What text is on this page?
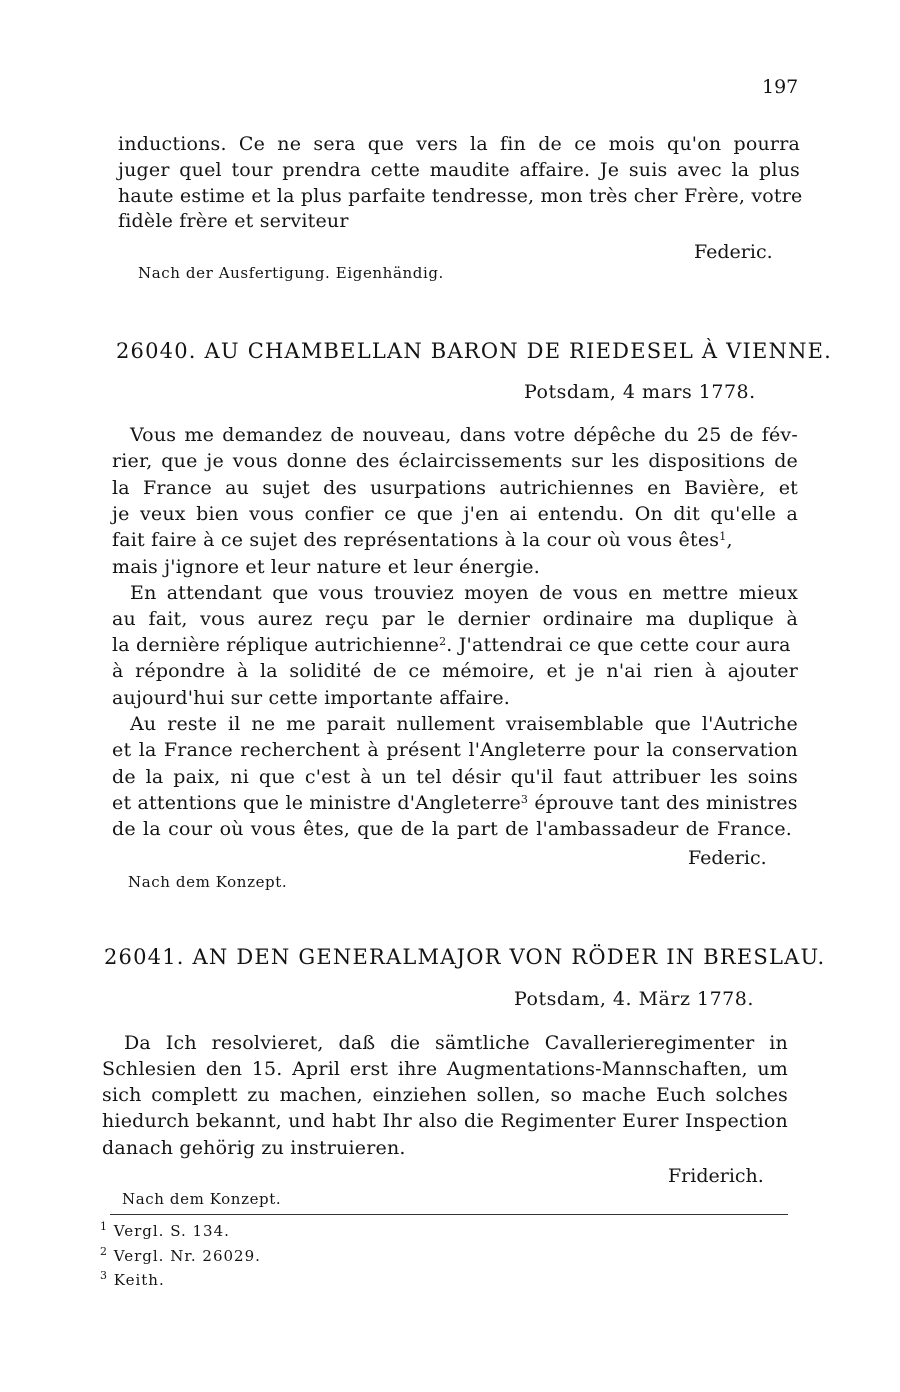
197
inductions. Ce ne sera que vers la fin de ce mois qu'on pourra
juger quel tour prendra cette maudite affaire. Je suis avec la plus
haute estime et la plus parfaite tendresse, mon très cher Frère, votre
fidèle frère et serviteur
Federic.
Nach der Ausfertigung. Eigenhändig.
26040. AU CHAMBELLAN BARON DE RIEDESEL À VIENNE.
Potsdam, 4 mars 1778.
Vous me demandez de nouveau, dans votre dépêche du 25 de fév-
rier, que je vous donne des éclaircissements sur les dispositions de
la France au sujet des usurpations autrichiennes en Bavière, et
je veux bien vous confier ce que j'en ai entendu. On dit qu'elle a
fait faire à ce sujet des représentations à la cour où vous êtes$^1$,
mais j'ignore et leur nature et leur énergie.
En attendant que vous trouviez moyen de vous en mettre mieux
au fait, vous aurez reçu par le dernier ordinaire ma duplique à
la dernière réplique autrichienne$^2$. J'attendrai ce que cette cour aura
à répondre à la solidité de ce mémoire, et je n'ai rien à ajouter
aujourd'hui sur cette importante affaire.
Au reste il ne me parait nullement vraisemblable que l'Autriche
et la France recherchent à présent l'Angleterre pour la conservation
de la paix, ni que c'est à un tel désir qu'il faut attribuer les soins
et attentions que le ministre d'Angleterre$^3$ éprouve tant des ministres
de la cour où vous êtes, que de la part de l'ambassadeur de France.
Federic.
Nach dem Konzept.
26041. AN DEN GENERALMAJOR VON RÖDER IN BRESLAU.
Potsdam, 4. März 1778.
Da Ich resolvieret, daß die sämtliche Cavallerieregimenter in
Schlesien den 15. April erst ihre Augmentations-Mannschaften, um
sich complett zu machen, einziehen sollen, so mache Euch solches
hiedurch bekannt, und habt Ihr also die Regimenter Eurer Inspection
danach gehörig zu instruieren.
Friderich.
Nach dem Konzept.
$^1$ Vergl. S. 134.
$^2$ Vergl. Nr. 26029.
$^3$ Keith.
